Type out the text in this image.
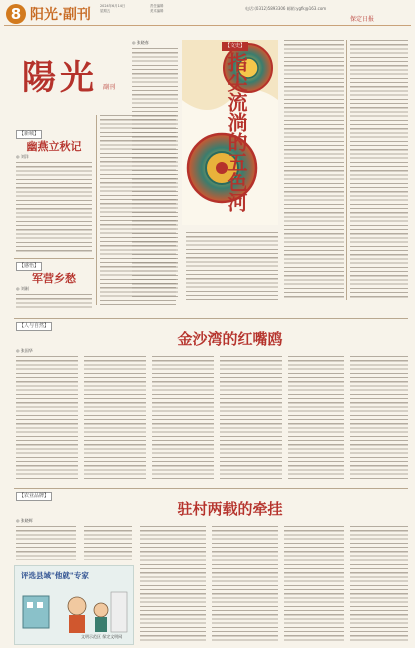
8 阳光·副刊
2024年6月14日
星期五
责任编辑
美术编辑	电话:(0312)5893306 邮箱:ygfk@163.com
保定日报
陽光 副刊
【新城】
幽燕立秋记
◎ 刘洋
【感悟】
军营乡愁
◎ 刘刚
◎ 张晓春
【文史】
指尖流淌的五色河
【人与自然】
金沙湾的红嘴鸥
◎ 张国华
【农业品牌】
驻村两载的牵挂
◎ 张晓辉
评选县域"他就"专家
文明示范区 保定文明网
